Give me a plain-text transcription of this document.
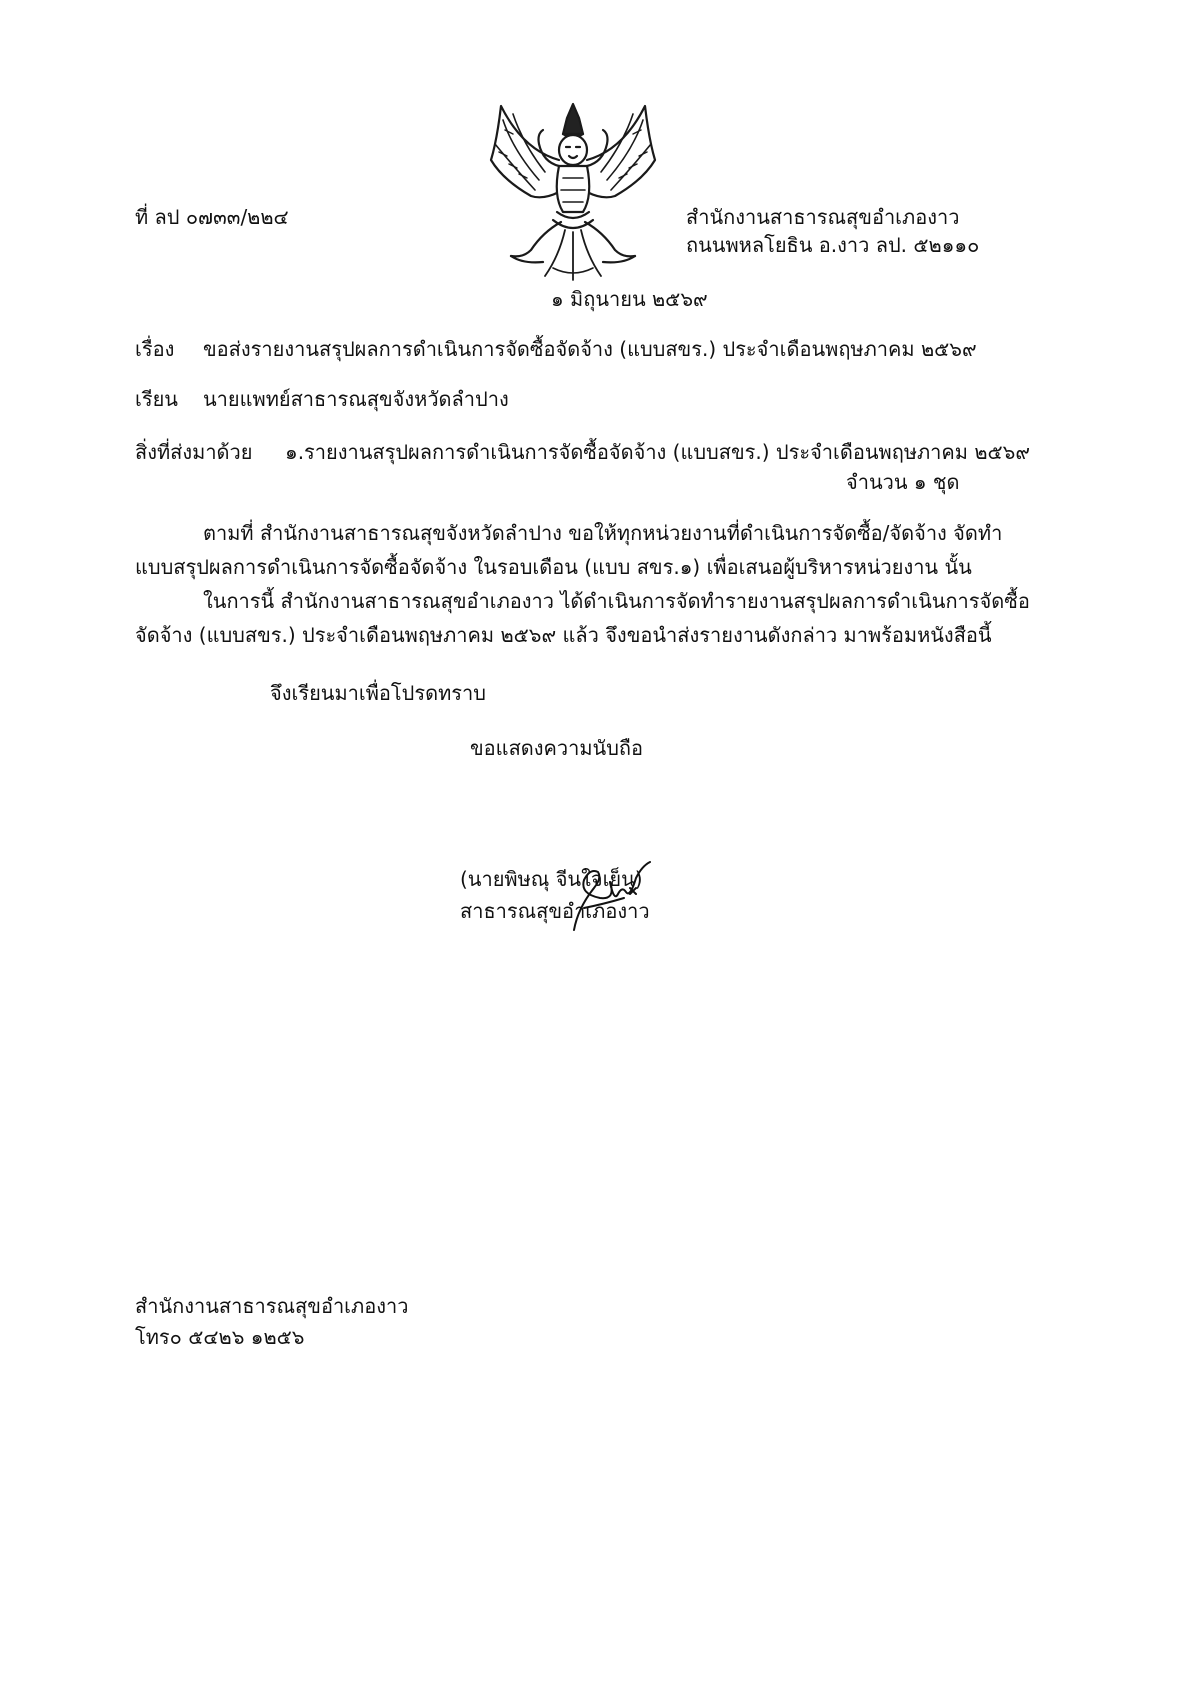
ที่ ลป ๐๗๓๓/๒๒๔	สำนักงานสาธารณสุขอำเภองาว

ถนนพหลโยธิน อ.งาว ลป. ๕๒๑๑๐

๑ มิถุนายน ๒๕๖๙

เรื่อง ขอส่งรายงานสรุปผลการดำเนินการจัดซื้อจัดจ้าง (แบบสขร.) ประจำเดือนพฤษภาคม ๒๕๖๙

เรียน นายแพทย์สาธารณสุขจังหวัดลำปาง

สิ่งที่ส่งมาด้วย ๑.รายงานสรุปผลการดำเนินการจัดซื้อจัดจ้าง (แบบสขร.) ประจำเดือนพฤษภาคม ๒๕๖๙

จำนวน ๑ ชุด

ตามที่ สำนักงานสาธารณสุขจังหวัดลำปาง ขอให้ทุกหน่วยงานที่ดำเนินการจัดซื้อ/จัดจ้าง จัดทำ

แบบสรุปผลการดำเนินการจัดซื้อจัดจ้าง ในรอบเดือน (แบบ สขร.๑) เพื่อเสนอผู้บริหารหน่วยงาน นั้น

ในการนี้ สำนักงานสาธารณสุขอำเภองาว ได้ดำเนินการจัดทำรายงานสรุปผลการดำเนินการจัดซื้อ

จัดจ้าง (แบบสขร.) ประจำเดือนพฤษภาคม ๒๕๖๙ แล้ว จึงขอนำส่งรายงานดังกล่าว มาพร้อมหนังสือนี้

จึงเรียนมาเพื่อโปรดทราบ

ขอแสดงความนับถือ

(นายพิษณุ จีนใจเย็น)

สาธารณสุขอำเภองาว

สำนักงานสาธารณสุขอำเภองาว

โทร๐ ๕๔๒๖ ๑๒๕๖
